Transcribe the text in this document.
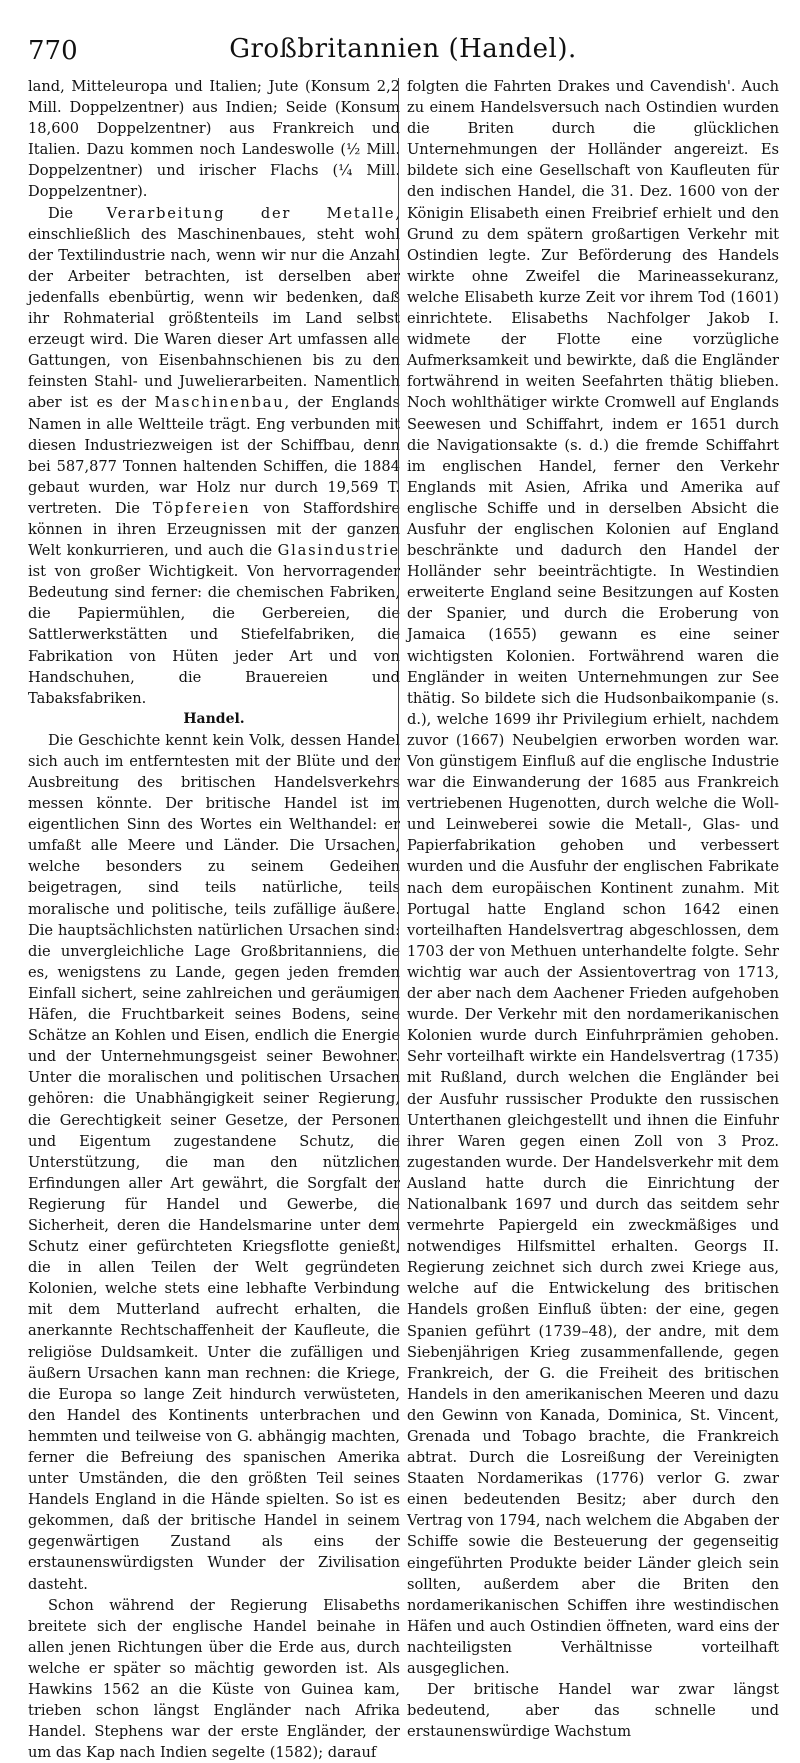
770	Großbritannien (Handel).

land, Mitteleuropa und Italien; Jute (Konsum 2,2 Mill. Doppelzentner) aus Indien; Seide (Konsum 18,600 Doppelzentner) aus Frankreich und Italien. Dazu kommen noch Landeswolle (½ Mill. Doppelzentner) und irischer Flachs (¼ Mill. Doppelzentner).

Die Verarbeitung der Metalle, einschließlich des Maschinenbaues, steht wohl der Textilindustrie nach, wenn wir nur die Anzahl der Arbeiter betrachten, ist derselben aber jedenfalls ebenbürtig, wenn wir bedenken, daß ihr Rohmaterial größtenteils im Land selbst erzeugt wird. Die Waren dieser Art umfassen alle Gattungen, von Eisenbahnschienen bis zu den feinsten Stahl- und Juwelierarbeiten. Namentlich aber ist es der Maschinenbau, der Englands Namen in alle Weltteile trägt. Eng verbunden mit diesen Industriezweigen ist der Schiffbau, denn bei 587,877 Tonnen haltenden Schiffen, die 1884 gebaut wurden, war Holz nur durch 19,569 T. vertreten. Die Töpfereien von Staffordshire können in ihren Erzeugnissen mit der ganzen Welt konkurrieren, und auch die Glasindustrie ist von großer Wichtigkeit. Von hervorragender Bedeutung sind ferner: die chemischen Fabriken, die Papiermühlen, die Gerbereien, die Sattlerwerkstätten und Stiefelfabriken, die Fabrikation von Hüten jeder Art und von Handschuhen, die Brauereien und Tabaksfabriken.

Handel.

Die Geschichte kennt kein Volk, dessen Handel sich auch im entferntesten mit der Blüte und der Ausbreitung des britischen Handelsverkehrs messen könnte. Der britische Handel ist im eigentlichen Sinn des Wortes ein Welthandel: er umfaßt alle Meere und Länder. Die Ursachen, welche besonders zu seinem Gedeihen beigetragen, sind teils natürliche, teils moralische und politische, teils zufällige äußere. Die hauptsächlichsten natürlichen Ursachen sind: die unvergleichliche Lage Großbritanniens, die es, wenigstens zu Lande, gegen jeden fremden Einfall sichert, seine zahlreichen und geräumigen Häfen, die Fruchtbarkeit seines Bodens, seine Schätze an Kohlen und Eisen, endlich die Energie und der Unternehmungsgeist seiner Bewohner. Unter die moralischen und politischen Ursachen gehören: die Unabhängigkeit seiner Regierung, die Gerechtigkeit seiner Gesetze, der Personen und Eigentum zugestandene Schutz, die Unterstützung, die man den nützlichen Erfindungen aller Art gewährt, die Sorgfalt der Regierung für Handel und Gewerbe, die Sicherheit, deren die Handelsmarine unter dem Schutz einer gefürchteten Kriegsflotte genießt, die in allen Teilen der Welt gegründeten Kolonien, welche stets eine lebhafte Verbindung mit dem Mutterland aufrecht erhalten, die anerkannte Rechtschaffenheit der Kaufleute, die religiöse Duldsamkeit. Unter die zufälligen und äußern Ursachen kann man rechnen: die Kriege, die Europa so lange Zeit hindurch verwüsteten, den Handel des Kontinents unterbrachen und hemmten und teilweise von G. abhängig machten, ferner die Befreiung des spanischen Amerika unter Umständen, die den größten Teil seines Handels England in die Hände spielten. So ist es gekommen, daß der britische Handel in seinem gegenwärtigen Zustand als eins der erstaunenswürdigsten Wunder der Zivilisation dasteht.

Schon während der Regierung Elisabeths breitete sich der englische Handel beinahe in allen jenen Richtungen über die Erde aus, durch welche er später so mächtig geworden ist. Als Hawkins 1562 an die Küste von Guinea kam, trieben schon längst Engländer nach Afrika Handel. Stephens war der erste Engländer, der um das Kap nach Indien segelte (1582); darauf

folgten die Fahrten Drakes und Cavendish'. Auch zu einem Handelsversuch nach Ostindien wurden die Briten durch die glücklichen Unternehmungen der Holländer angereizt. Es bildete sich eine Gesellschaft von Kaufleuten für den indischen Handel, die 31. Dez. 1600 von der Königin Elisabeth einen Freibrief erhielt und den Grund zu dem spätern großartigen Verkehr mit Ostindien legte. Zur Beförderung des Handels wirkte ohne Zweifel die Marineassekuranz, welche Elisabeth kurze Zeit vor ihrem Tod (1601) einrichtete. Elisabeths Nachfolger Jakob I. widmete der Flotte eine vorzügliche Aufmerksamkeit und bewirkte, daß die Engländer fortwährend in weiten Seefahrten thätig blieben. Noch wohlthätiger wirkte Cromwell auf Englands Seewesen und Schiffahrt, indem er 1651 durch die Navigationsakte (s. d.) die fremde Schiffahrt im englischen Handel, ferner den Verkehr Englands mit Asien, Afrika und Amerika auf englische Schiffe und in derselben Absicht die Ausfuhr der englischen Kolonien auf England beschränkte und dadurch den Handel der Holländer sehr beeinträchtigte. In Westindien erweiterte England seine Besitzungen auf Kosten der Spanier, und durch die Eroberung von Jamaica (1655) gewann es eine seiner wichtigsten Kolonien. Fortwährend waren die Engländer in weiten Unternehmungen zur See thätig. So bildete sich die Hudsonbaikompanie (s. d.), welche 1699 ihr Privilegium erhielt, nachdem zuvor (1667) Neubelgien erworben worden war. Von günstigem Einfluß auf die englische Industrie war die Einwanderung der 1685 aus Frankreich vertriebenen Hugenotten, durch welche die Woll- und Leinweberei sowie die Metall-, Glas- und Papierfabrikation gehoben und verbessert wurden und die Ausfuhr der englischen Fabrikate nach dem europäischen Kontinent zunahm. Mit Portugal hatte England schon 1642 einen vorteilhaften Handelsvertrag abgeschlossen, dem 1703 der von Methuen unterhandelte folgte. Sehr wichtig war auch der Assientovertrag von 1713, der aber nach dem Aachener Frieden aufgehoben wurde. Der Verkehr mit den nordamerikanischen Kolonien wurde durch Einfuhrprämien gehoben. Sehr vorteilhaft wirkte ein Handelsvertrag (1735) mit Rußland, durch welchen die Engländer bei der Ausfuhr russischer Produkte den russischen Unterthanen gleichgestellt und ihnen die Einfuhr ihrer Waren gegen einen Zoll von 3 Proz. zugestanden wurde. Der Handelsverkehr mit dem Ausland hatte durch die Einrichtung der Nationalbank 1697 und durch das seitdem sehr vermehrte Papiergeld ein zweckmäßiges und notwendiges Hilfsmittel erhalten. Georgs II. Regierung zeichnet sich durch zwei Kriege aus, welche auf die Entwickelung des britischen Handels großen Einfluß übten: der eine, gegen Spanien geführt (1739–48), der andre, mit dem Siebenjährigen Krieg zusammenfallende, gegen Frankreich, der G. die Freiheit des britischen Handels in den amerikanischen Meeren und dazu den Gewinn von Kanada, Dominica, St. Vincent, Grenada und Tobago brachte, die Frankreich abtrat. Durch die Losreißung der Vereinigten Staaten Nordamerikas (1776) verlor G. zwar einen bedeutenden Besitz; aber durch den Vertrag von 1794, nach welchem die Abgaben der Schiffe sowie die Besteuerung der gegenseitig eingeführten Produkte beider Länder gleich sein sollten, außerdem aber die Briten den nordamerikanischen Schiffen ihre westindischen Häfen und auch Ostindien öffneten, ward eins der nachteiligsten Verhältnisse vorteilhaft ausgeglichen.

Der britische Handel war zwar längst bedeutend, aber das schnelle und erstaunenswürdige Wachstum
